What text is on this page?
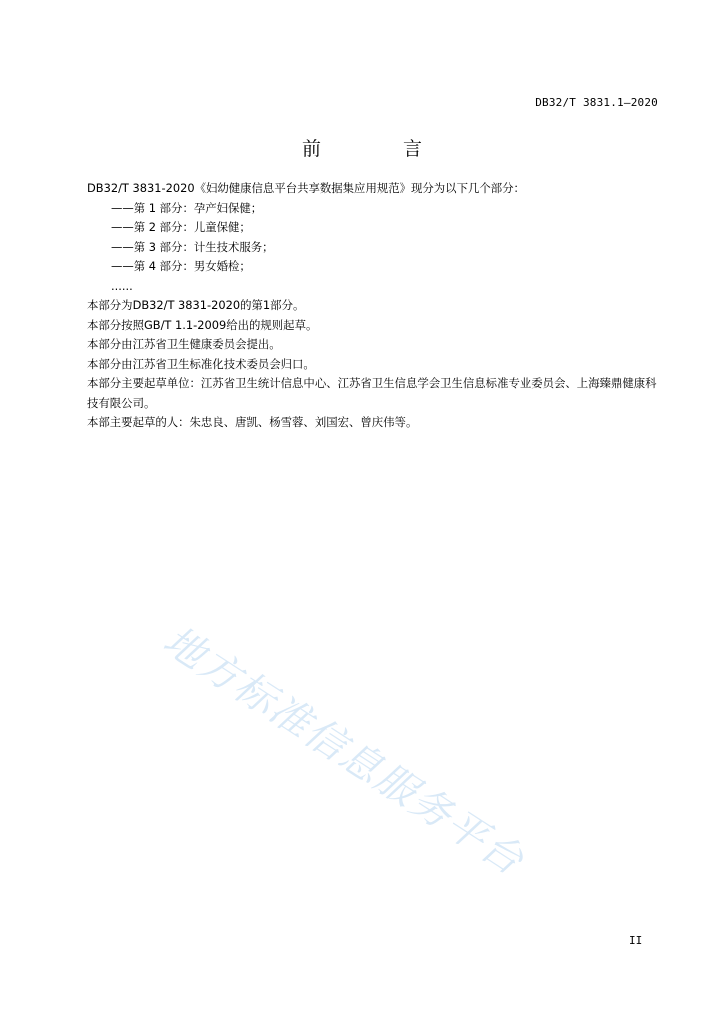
DB32/T 3831.1—2020
前 言

DB32/T 3831-2020《妇幼健康信息平台共享数据集应用规范》现分为以下几个部分：

——第 1 部分：孕产妇保健；

——第 2 部分：儿童保健；

——第 3 部分：计生技术服务；

——第 4 部分：男女婚检；

......

本部分为DB32/T 3831-2020的第1部分。

本部分按照GB/T 1.1-2009给出的规则起草。

本部分由江苏省卫生健康委员会提出。

本部分由江苏省卫生标准化技术委员会归口。

本部分主要起草单位：江苏省卫生统计信息中心、江苏省卫生信息学会卫生信息标准专业委员会、上海臻鼎健康科技有限公司。

本部主要起草的人：朱忠良、唐凯、杨雪蓉、刘国宏、曾庆伟等。

地方标准信息服务平台
II
